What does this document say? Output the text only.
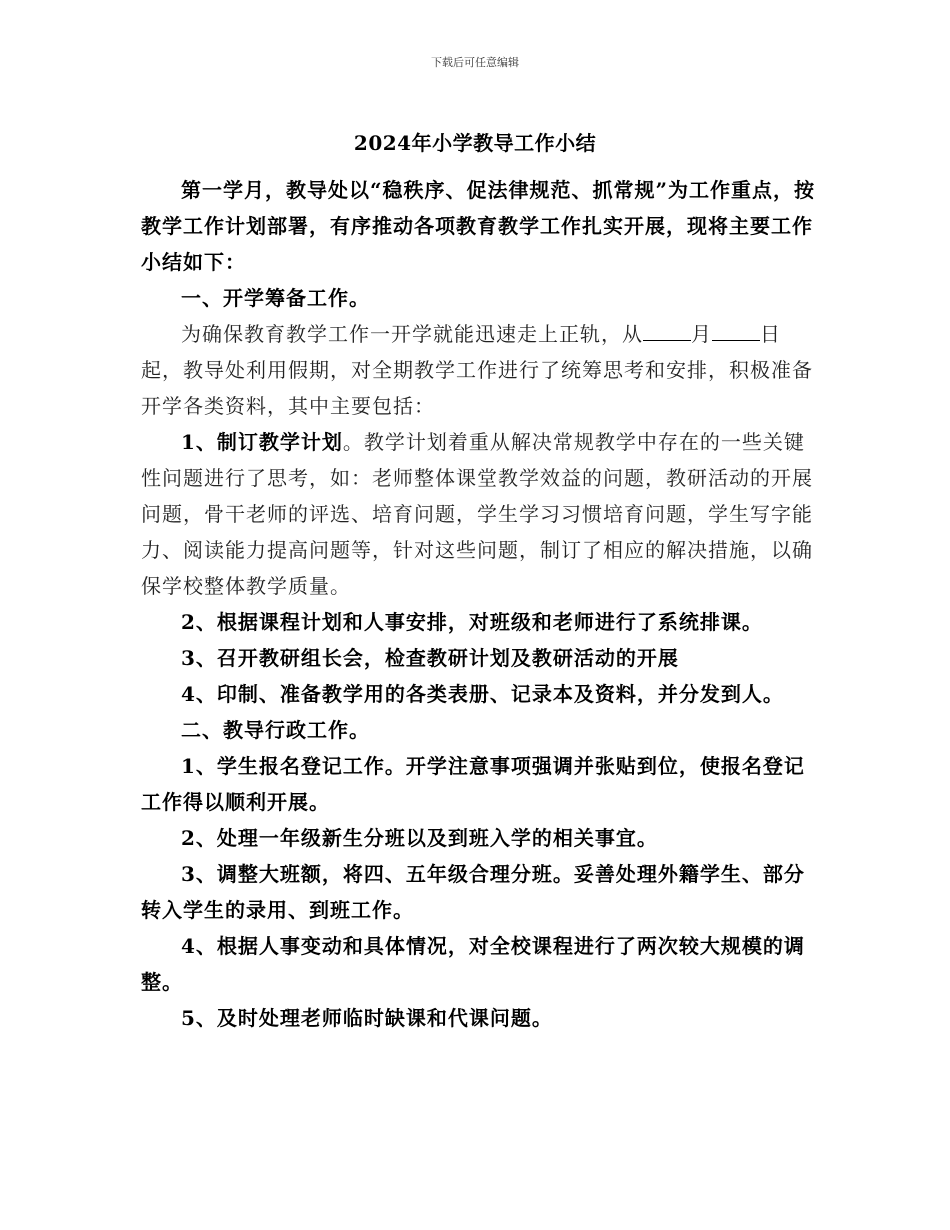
下载后可任意编辑
2024年小学教导工作小结

第一学月，教导处以“稳秩序、促法律规范、抓常规”为工作重点，按教学工作计划部署，有序推动各项教育教学工作扎实开展，现将主要工作小结如下：

一、开学筹备工作。

为确保教育教学工作一开学就能迅速走上正轨，从 月 日起，教导处利用假期，对全期教学工作进行了统筹思考和安排，积极准备开学各类资料，其中主要包括：

1、制订教学计划。教学计划着重从解决常规教学中存在的一些关键性问题进行了思考，如：老师整体课堂教学效益的问题，教研活动的开展问题，骨干老师的评选、培育问题，学生学习习惯培育问题，学生写字能力、阅读能力提高问题等，针对这些问题，制订了相应的解决措施，以确保学校整体教学质量。

2、根据课程计划和人事安排，对班级和老师进行了系统排课。

3、召开教研组长会，检查教研计划及教研活动的开展

4、印制、准备教学用的各类表册、记录本及资料，并分发到人。

二、教导行政工作。

1、学生报名登记工作。开学注意事项强调并张贴到位，使报名登记工作得以顺利开展。

2、处理一年级新生分班以及到班入学的相关事宜。

3、调整大班额，将四、五年级合理分班。妥善处理外籍学生、部分转入学生的录用、到班工作。

4、根据人事变动和具体情况，对全校课程进行了两次较大规模的调整。

5、及时处理老师临时缺课和代课问题。
